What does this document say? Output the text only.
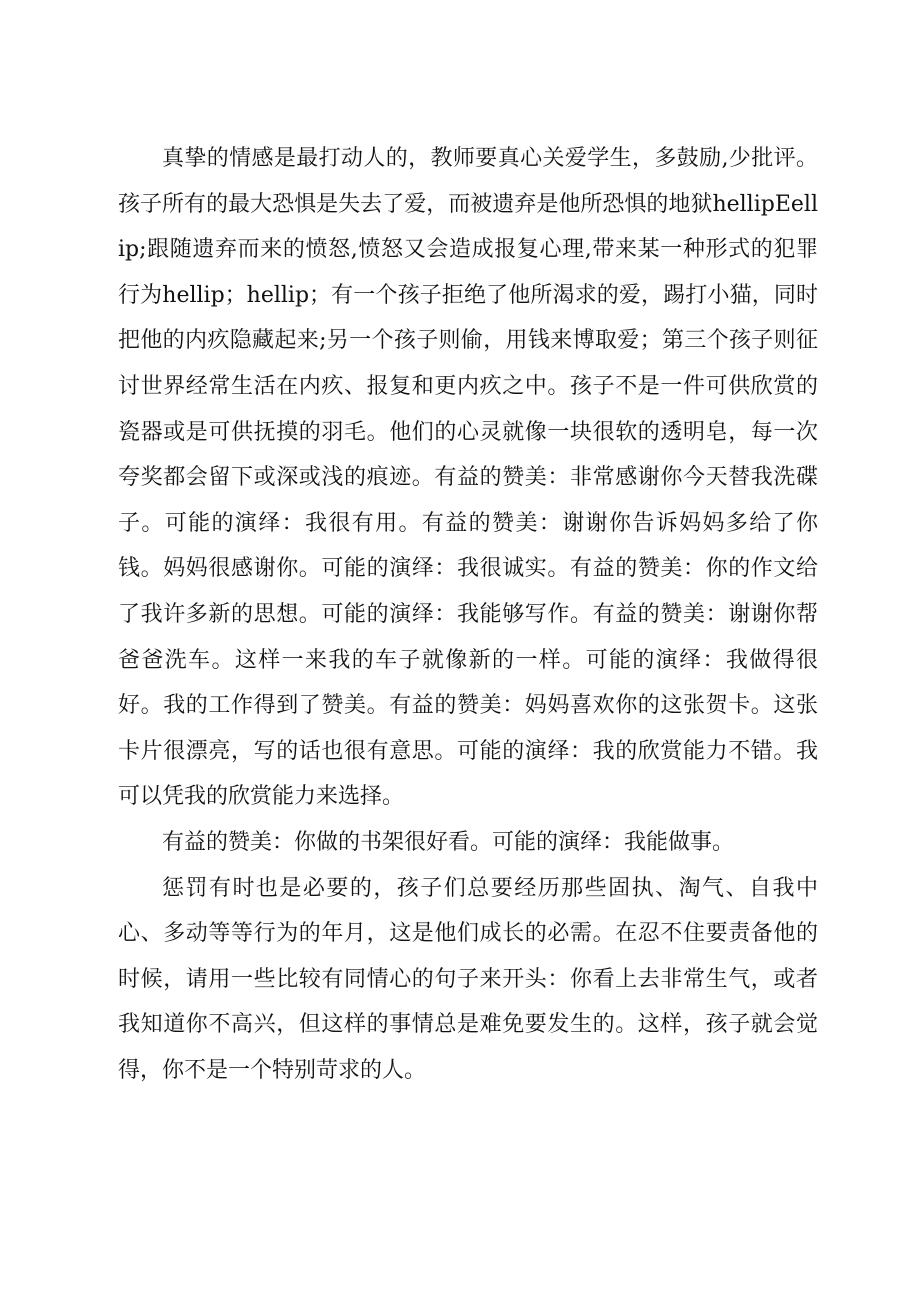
真挚的情感是最打动人的，教师要真心关爱学生，多鼓励,少批评。孩子所有的最大恐惧是失去了爱，而被遗弃是他所恐惧的地狱hellipEellip;跟随遗弃而来的愤怒,愤怒又会造成报复心理,带来某一种形式的犯罪行为hellip；hellip；有一个孩子拒绝了他所渴求的爱，踢打小猫，同时把他的内疚隐藏起来;另一个孩子则偷，用钱来博取爱；第三个孩子则征讨世界经常生活在内疚、报复和更内疚之中。孩子不是一件可供欣赏的瓷器或是可供抚摸的羽毛。他们的心灵就像一块很软的透明皂，每一次夸奖都会留下或深或浅的痕迹。有益的赞美：非常感谢你今天替我洗碟子。可能的演绎：我很有用。有益的赞美：谢谢你告诉妈妈多给了你钱。妈妈很感谢你。可能的演绎：我很诚实。有益的赞美：你的作文给了我许多新的思想。可能的演绎：我能够写作。有益的赞美：谢谢你帮爸爸洗车。这样一来我的车子就像新的一样。可能的演绎：我做得很好。我的工作得到了赞美。有益的赞美：妈妈喜欢你的这张贺卡。这张卡片很漂亮，写的话也很有意思。可能的演绎：我的欣赏能力不错。我可以凭我的欣赏能力来选择。

有益的赞美：你做的书架很好看。可能的演绎：我能做事。

惩罚有时也是必要的，孩子们总要经历那些固执、淘气、自我中心、多动等等行为的年月，这是他们成长的必需。在忍不住要责备他的时候，请用一些比较有同情心的句子来开头：你看上去非常生气，或者我知道你不高兴，但这样的事情总是难免要发生的。这样，孩子就会觉得，你不是一个特别苛求的人。
